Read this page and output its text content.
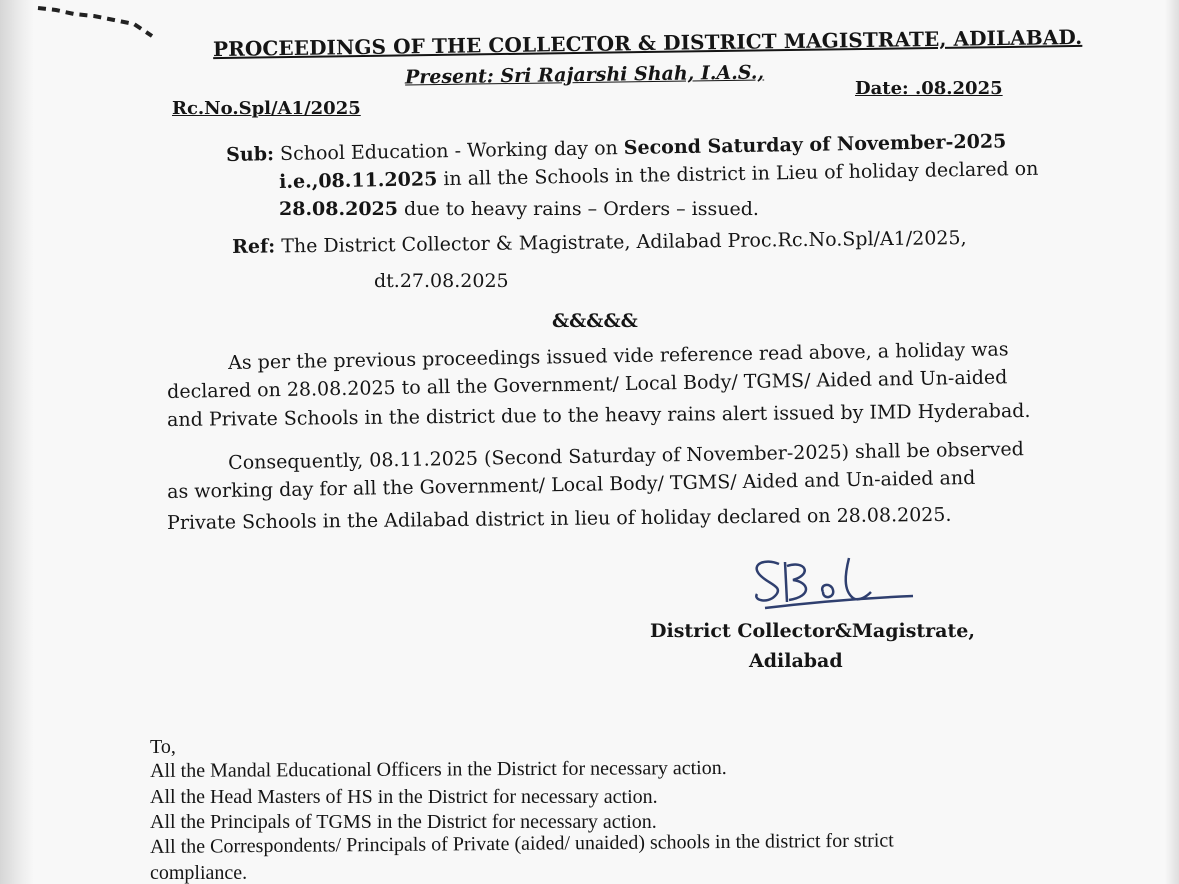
PROCEEDINGS OF THE COLLECTOR & DISTRICT MAGISTRATE, ADILABAD.
Present: Sri Rajarshi Shah, I.A.S.,
Rc.No.Spl/A1/2025
Date: .08.2025
Sub: School Education - Working day on Second Saturday of November-2025
i.e.,08.11.2025 in all the Schools in the district in Lieu of holiday declared on
28.08.2025 due to heavy rains – Orders – issued.
Ref: The District Collector & Magistrate, Adilabad Proc.Rc.No.Spl/A1/2025,
dt.27.08.2025
&&&&&
As per the previous proceedings issued vide reference read above, a holiday was
declared on 28.08.2025 to all the Government/ Local Body/ TGMS/ Aided and Un-aided
and Private Schools in the district due to the heavy rains alert issued by IMD Hyderabad.
Consequently, 08.11.2025 (Second Saturday of November-2025) shall be observed
as working day for all the Government/ Local Body/ TGMS/ Aided and Un-aided and
Private Schools in the Adilabad district in lieu of holiday declared on 28.08.2025.
District Collector&Magistrate,
Adilabad
To,
All the Mandal Educational Officers in the District for necessary action.
All the Head Masters of HS in the District for necessary action.
All the Principals of TGMS in the District for necessary action.
All the Correspondents/ Principals of Private (aided/ unaided) schools in the district for strict
compliance.
